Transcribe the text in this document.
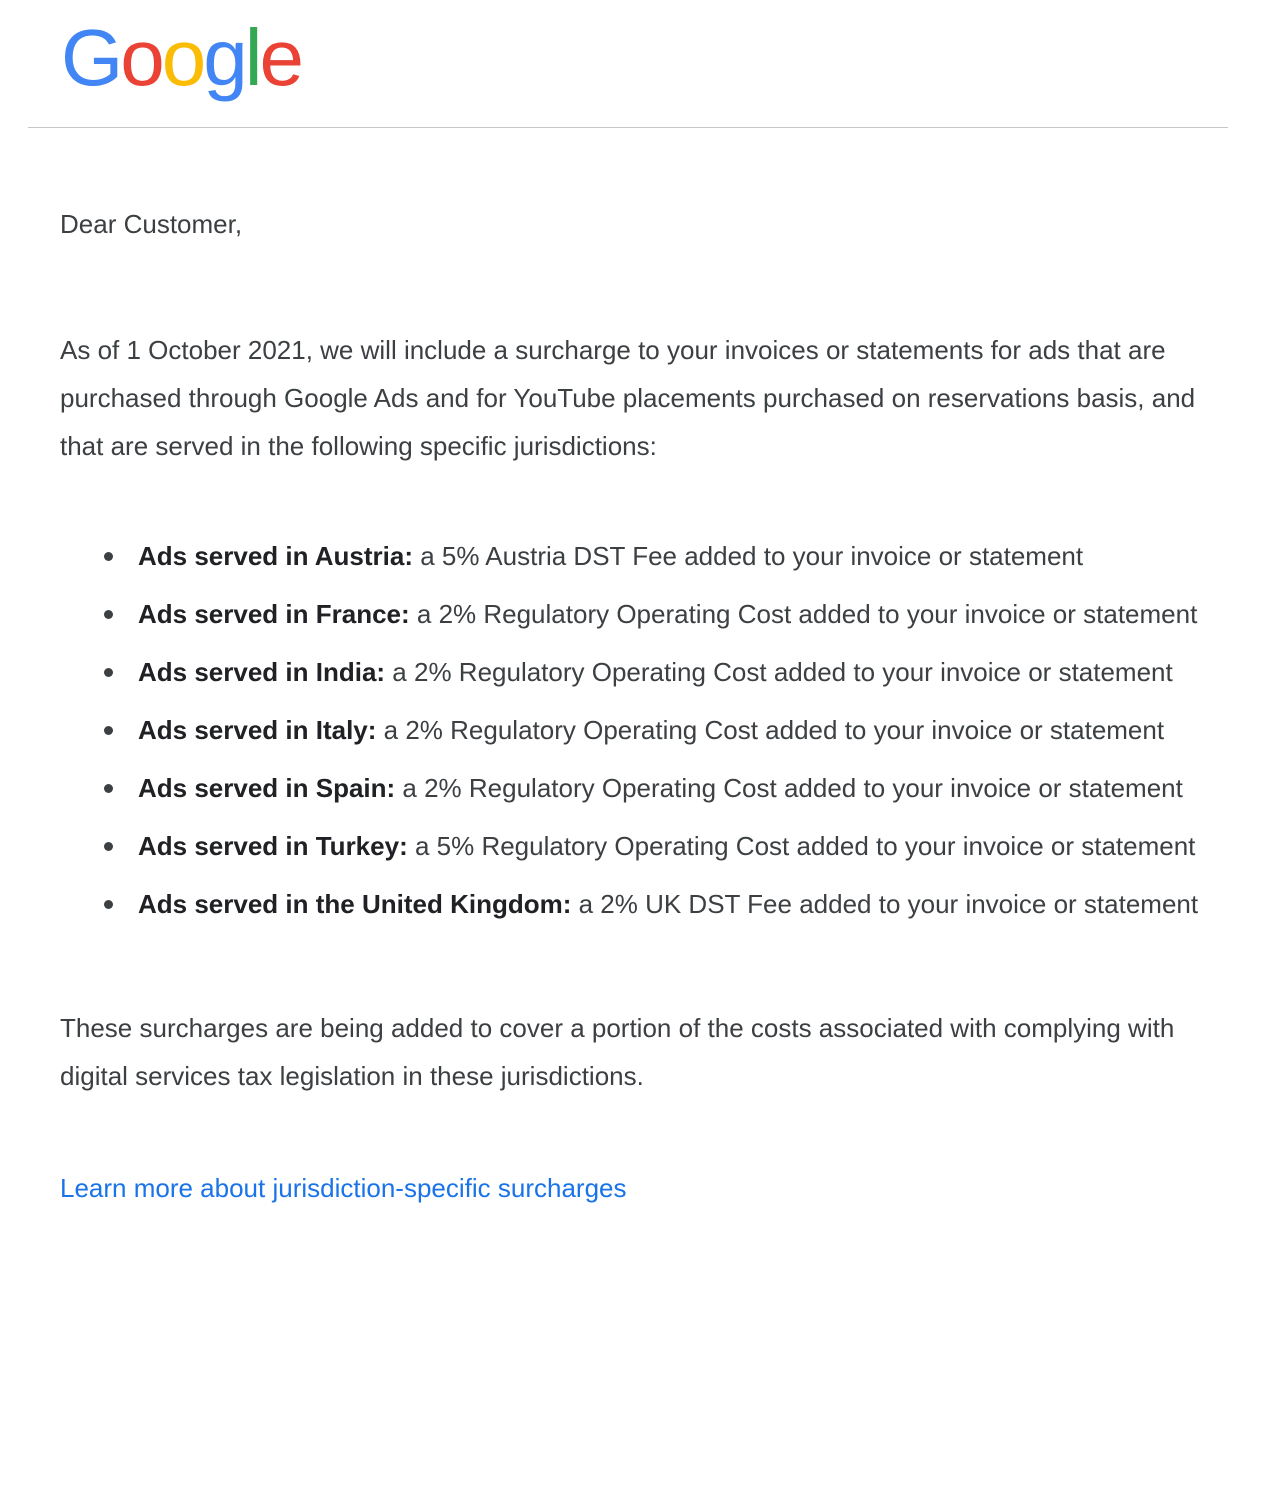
Google

Dear Customer,

As of 1 October 2021, we will include a surcharge to your invoices or statements for ads that are purchased through Google Ads and for YouTube placements purchased on reservations basis, and that are served in the following specific jurisdictions:

Ads served in Austria: a 5% Austria DST Fee added to your invoice or statement
Ads served in France: a 2% Regulatory Operating Cost added to your invoice or statement
Ads served in India: a 2% Regulatory Operating Cost added to your invoice or statement
Ads served in Italy: a 2% Regulatory Operating Cost added to your invoice or statement
Ads served in Spain: a 2% Regulatory Operating Cost added to your invoice or statement
Ads served in Turkey: a 5% Regulatory Operating Cost added to your invoice or statement
Ads served in the United Kingdom: a 2% UK DST Fee added to your invoice or statement

These surcharges are being added to cover a portion of the costs associated with complying with digital services tax legislation in these jurisdictions.

Learn more about jurisdiction-specific surcharges
